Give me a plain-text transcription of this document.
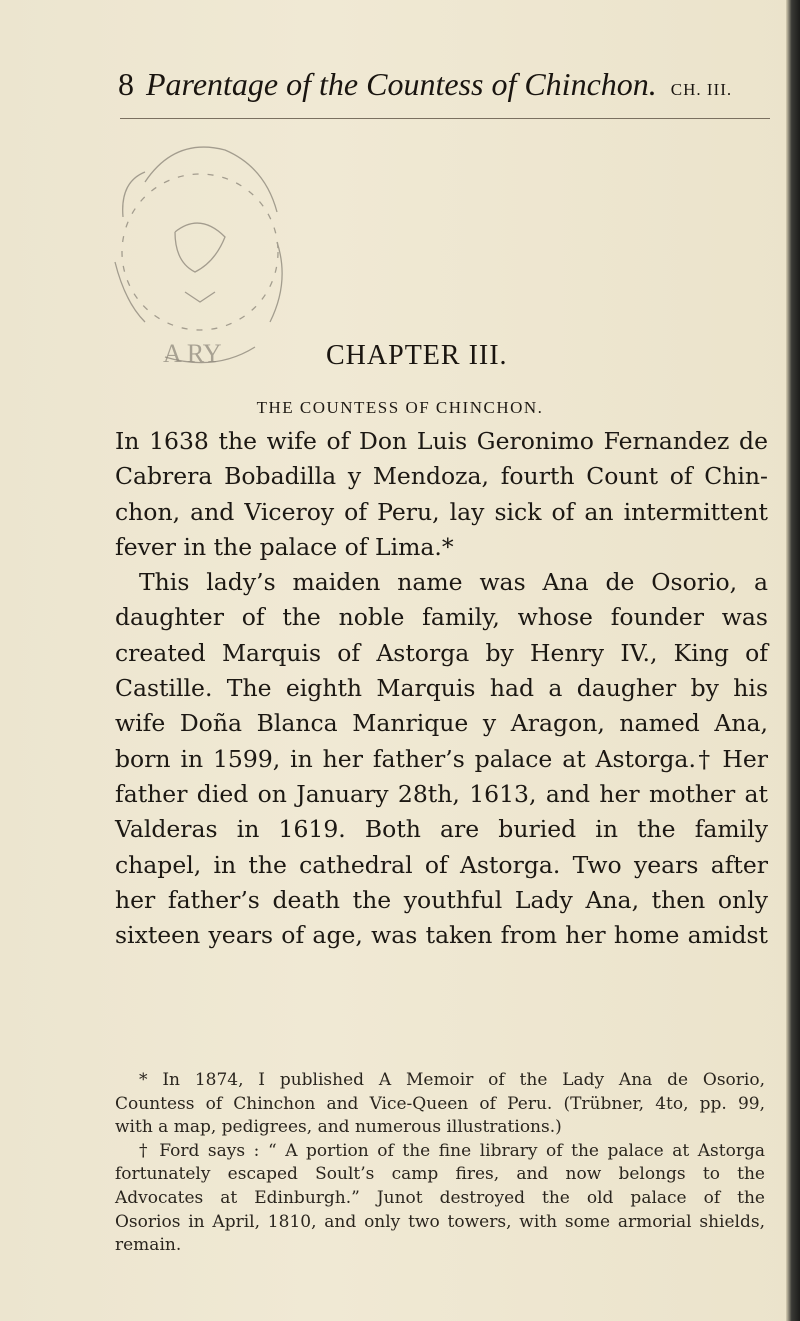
8 Parentage of the Countess of Chinchon. CH. III.
A RY	CHAPTER III.
THE COUNTESS OF CHINCHON.
In 1638 the wife of Don Luis Geronimo Fernandez de
Cabrera Bobadilla y Mendoza, fourth Count of Chin-
chon, and Viceroy of Peru, lay sick of an intermittent
fever in the palace of Lima.*
This lady’s maiden name was Ana de Osorio, a
daughter of the noble family, whose founder was
created Marquis of Astorga by Henry IV., King of
Castille. The eighth Marquis had a daugher by his
wife Doña Blanca Manrique y Aragon, named Ana,
born in 1599, in her father’s palace at Astorga.† Her
father died on January 28th, 1613, and her mother at
Valderas in 1619. Both are buried in the family
chapel, in the cathedral of Astorga. Two years after
her father’s death the youthful Lady Ana, then only
sixteen years of age, was taken from her home amidst
* In 1874, I published A Memoir of the Lady Ana de Osorio,
Countess of Chinchon and Vice-Queen of Peru. (Trübner, 4to, pp. 99,
with a map, pedigrees, and numerous illustrations.)
† Ford says : “ A portion of the fine library of the palace at Astorga
fortunately escaped Soult’s camp fires, and now belongs to the
Advocates at Edinburgh.” Junot destroyed the old palace of the
Osorios in April, 1810, and only two towers, with some armorial shields,
remain.
